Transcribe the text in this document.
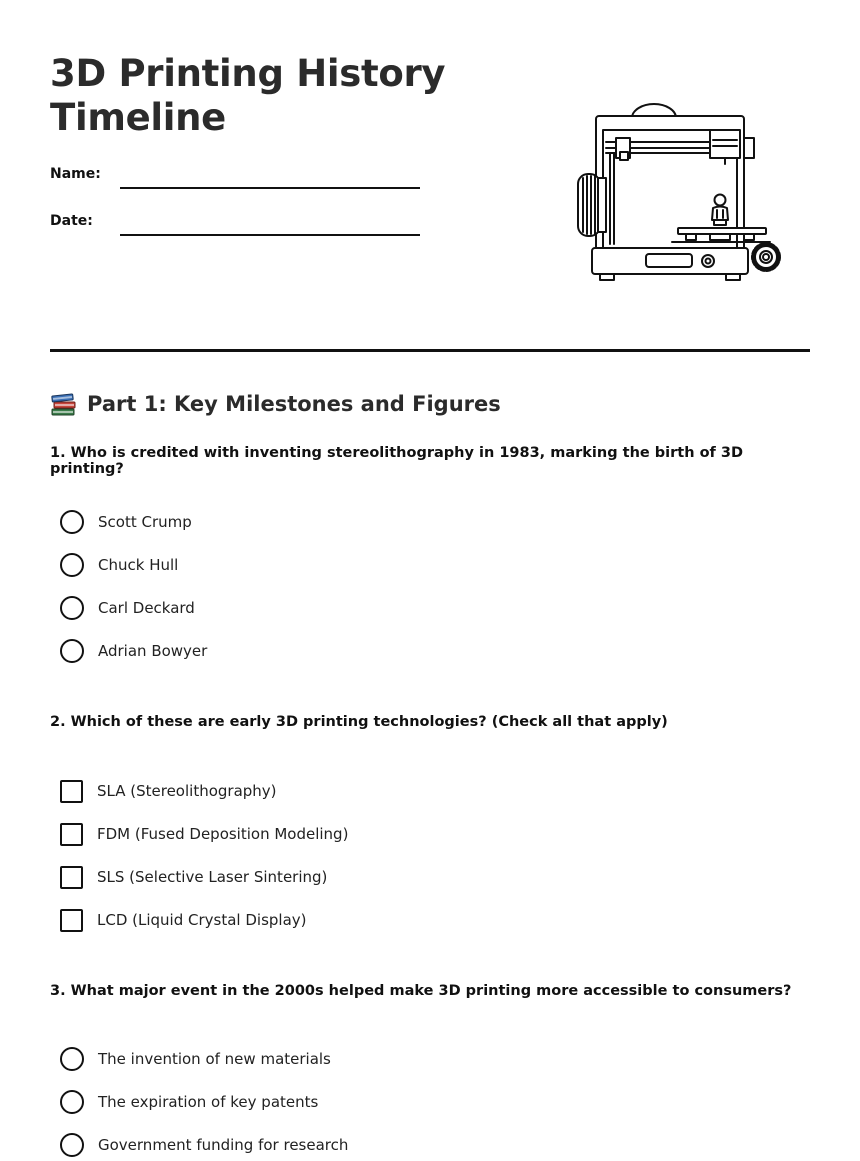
3D Printing History
Timeline
Name:
Date:
Part 1: Key Milestones and Figures
1. Who is credited with inventing stereolithography in 1983, marking the birth of 3D printing?
Scott Crump
Chuck Hull
Carl Deckard
Adrian Bowyer
2. Which of these are early 3D printing technologies? (Check all that apply)
SLA (Stereolithography)
FDM (Fused Deposition Modeling)
SLS (Selective Laser Sintering)
LCD (Liquid Crystal Display)
3. What major event in the 2000s helped make 3D printing more accessible to consumers?
The invention of new materials
The expiration of key patents
Government funding for research
